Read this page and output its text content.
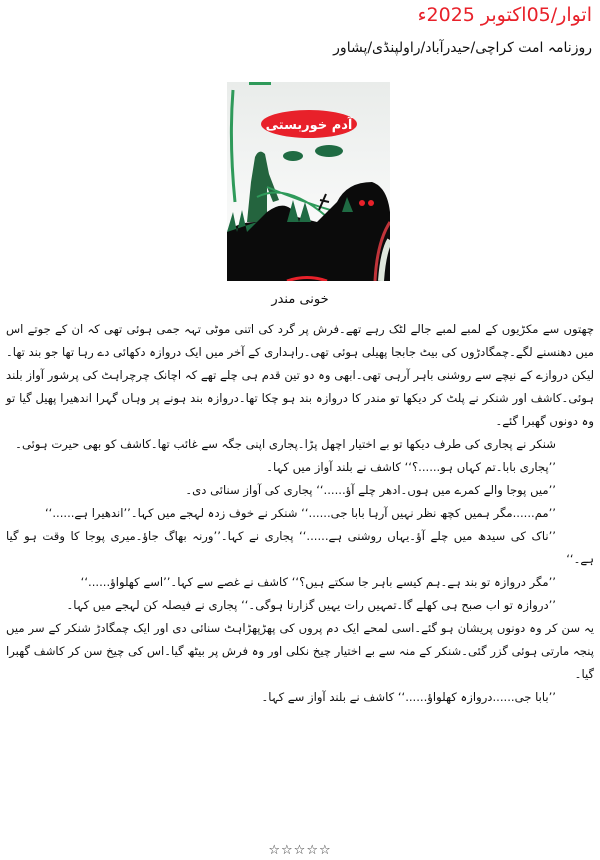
اتوار/05اکتوبر 2025ء
روزنامہ امت کراچی/حیدرآباد/راولپنڈی/پشاور
آدم خوربستی
خونی مندر

چھتوں سے مکڑیوں کے لمبے لمبے جالے لٹک رہے تھے۔فرش پر گرد کی اتنی موٹی تہہ جمی ہوئی تھی کہ ان کے جوتے اس میں دھنسنے لگے۔چمگادڑوں کی بیٹ جابجا پھیلی ہوئی تھی۔راہداری کے آخر میں ایک دروازہ دکھائی دے رہا تھا جو بند تھا۔لیکن دروازے کے نیچے سے روشنی باہر آرہی تھی۔ابھی وہ دو تین قدم ہی چلے تھے کہ اچانک چرچراہٹ کی پرشور آواز بلند ہوئی۔کاشف اور شنکر نے پلٹ کر دیکھا تو مندر کا دروازہ بند ہو چکا تھا۔دروازہ بند ہونے پر وہاں گہرا اندھیرا پھیل گیا تو وہ دونوں گھبرا گئے۔

شنکر نے پجاری کی طرف دیکھا تو بے اختیار اچھل پڑا۔پجاری اپنی جگہ سے غائب تھا۔کاشف کو بھی حیرت ہوئی۔

’’پجاری بابا۔تم کہاں ہو......؟‘‘ کاشف نے بلند آواز میں کہا۔

’’میں پوجا والے کمرے میں ہوں۔ادھر چلے آؤ......‘‘ پجاری کی آواز سنائی دی۔

’’مم......مگر ہمیں کچھ نظر نہیں آرہا بابا جی......‘‘ شنکر نے خوف زدہ لہجے میں کہا۔’’اندھیرا ہے......‘‘

’’ناک کی سیدھ میں چلے آؤ۔یہاں روشنی ہے......‘‘ پجاری نے کہا۔’’ورنہ بھاگ جاؤ۔میری پوجا کا وقت ہو گیا ہے۔‘‘

’’مگر دروازہ تو بند ہے۔ہم کیسے باہر جا سکتے ہیں؟‘‘ کاشف نے غصے سے کہا۔’’اسے کھلواؤ......‘‘

’’دروازہ تو اب صبح ہی کھلے گا۔تمہیں رات یہیں گزارنا ہوگی۔‘‘ پجاری نے فیصلہ کن لہجے میں کہا۔

یہ سن کر وہ دونوں پریشان ہو گئے۔اسی لمحے ایک دم پروں کی پھڑپھڑاہٹ سنائی دی اور ایک چمگادڑ شنکر کے سر میں پنجہ مارتی ہوئی گزر گئی۔شنکر کے منہ سے بے اختیار چیخ نکلی اور وہ فرش پر بیٹھ گیا۔اس کی چیخ سن کر کاشف گھبرا گیا۔

’’بابا جی......دروازہ کھلواؤ......‘‘ کاشف نے بلند آواز سے کہا۔

☆☆☆☆☆
